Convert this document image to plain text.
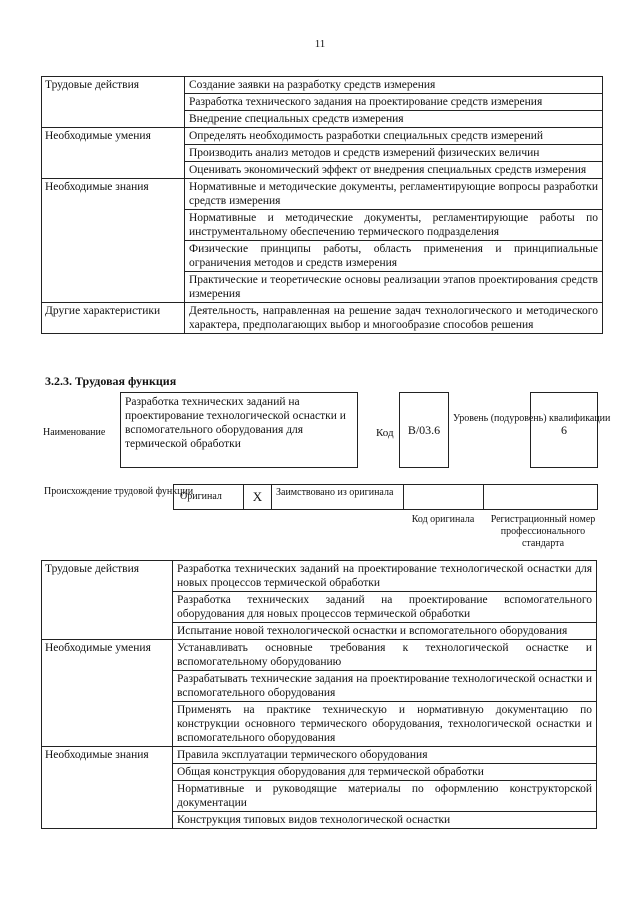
11
Трудовые действия	Создание заявки на разработку средств измерения
	Разработка технического задания на проектирование средств измерения
	Внедрение специальных средств измерения
Необходимые умения	Определять необходимость разработки специальных средств измерений
	Производить анализ методов и средств измерений физических величин
	Оценивать экономический эффект от внедрения специальных средств измерения
Необходимые знания	Нормативные и методические документы, регламентирующие вопросы разработки средств измерения
	Нормативные и методические документы, регламентирующие работы по инструментальному обеспечению термического подразделения
	Физические принципы работы, область применения и принципиальные ограничения методов и средств измерения
	Практические и теоретические основы реализации этапов проектирования средств измерения
Другие характеристики	Деятельность, направленная на решение задач технологического и методического характера, предполагающих выбор и многообразие способов решения
3.2.3. Трудовая функция
Наименование
Разработка технических заданий на проектирование технологической оснастки и вспомогательного оборудования для термической обработки
Код	B/03.6
Уровень (подуровень) квалификации
6
Происхождение трудовой функции
Оригинал	X	Заимствовано из оригинала
Код оригинала	Регистрационный номер профессионального стандарта
Трудовые действия	Разработка технических заданий на проектирование технологической оснастки для новых процессов термической обработки
	Разработка технических заданий на проектирование вспомогательного оборудования для новых процессов термической обработки
	Испытание новой технологической оснастки и вспомогательного оборудования
Необходимые умения	Устанавливать основные требования к технологической оснастке и вспомогательному оборудованию
	Разрабатывать технические задания на проектирование технологической оснастки и вспомогательного оборудования
	Применять на практике техническую и нормативную документацию по конструкции основного термического оборудования, технологической оснастки и вспомогательного оборудования
Необходимые знания	Правила эксплуатации термического оборудования
	Общая конструкция оборудования для термической обработки
	Нормативные и руководящие материалы по оформлению конструкторской документации
	Конструкция типовых видов технологической оснастки
